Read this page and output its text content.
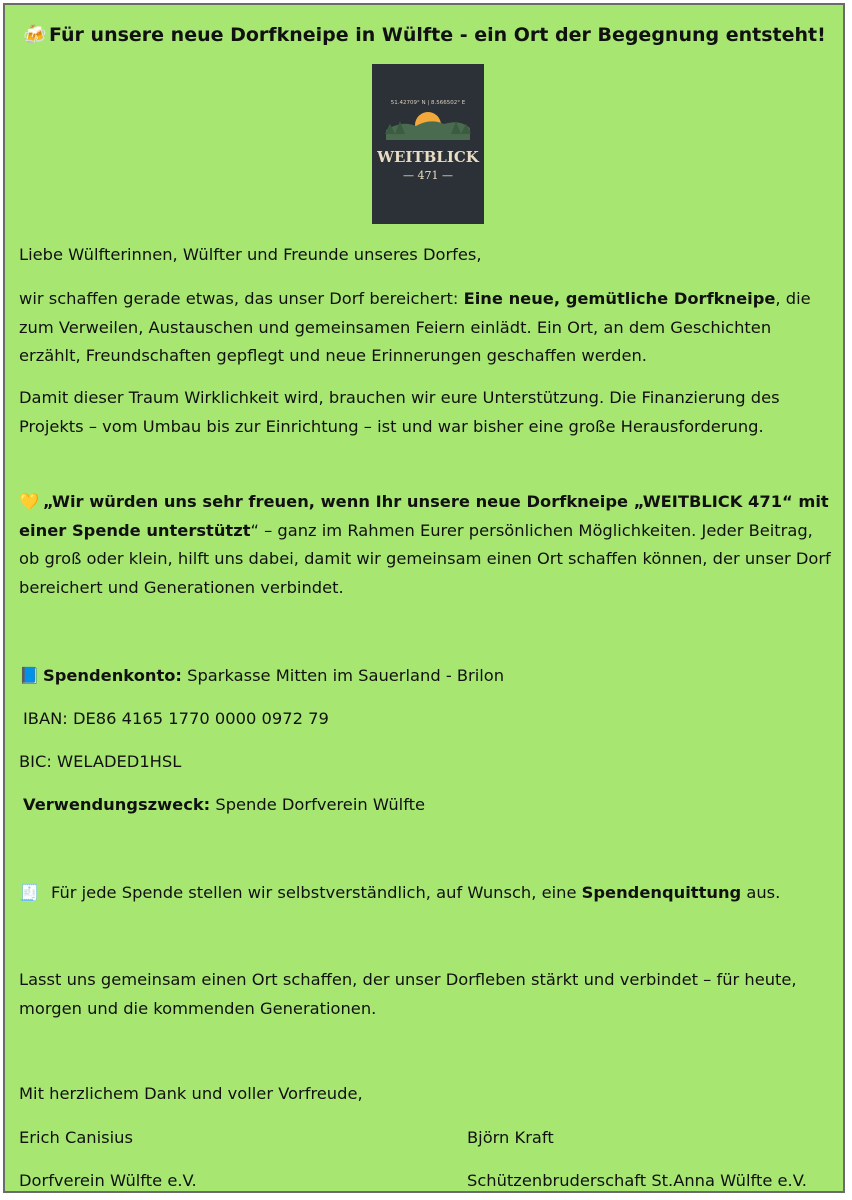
🍻 Für unsere neue Dorfkneipe in Wülfte - ein Ort der Begegnung entsteht!
51.42709° N | 8.566502° E
WEITBLICK
— 471 —
Liebe Wülfterinnen, Wülfter und Freunde unseres Dorfes,
wir schaffen gerade etwas, das unser Dorf bereichert: Eine neue, gemütliche Dorfkneipe, die zum Verweilen, Austauschen und gemeinsamen Feiern einlädt. Ein Ort, an dem Geschichten erzählt, Freundschaften gepflegt und neue Erinnerungen geschaffen werden.
Damit dieser Traum Wirklichkeit wird, brauchen wir eure Unterstützung. Die Finanzierung des Projekts – vom Umbau bis zur Einrichtung – ist und war bisher eine große Herausforderung.
💛 „Wir würden uns sehr freuen, wenn Ihr unsere neue Dorfkneipe „WEITBLICK 471“ mit einer Spende unterstützt“ – ganz im Rahmen Eurer persönlichen Möglichkeiten. Jeder Beitrag, ob groß oder klein, hilft uns dabei, damit wir gemeinsam einen Ort schaffen können, der unser Dorf bereichert und Generationen verbindet.
📘 Spendenkonto: Sparkasse Mitten im Sauerland - Brilon
IBAN: DE86 4165 1770 0000 0972 79
BIC: WELADED1HSL
Verwendungszweck: Spende Dorfverein Wülfte
🧾 Für jede Spende stellen wir selbstverständlich, auf Wunsch, eine Spendenquittung aus.
Lasst uns gemeinsam einen Ort schaffen, der unser Dorfleben stärkt und verbindet – für heute, morgen und die kommenden Generationen.
Mit herzlichem Dank und voller Vorfreude,
Erich Canisius	Björn Kraft
Dorfverein Wülfte e.V.	Schützenbruderschaft St.Anna Wülfte e.V.
